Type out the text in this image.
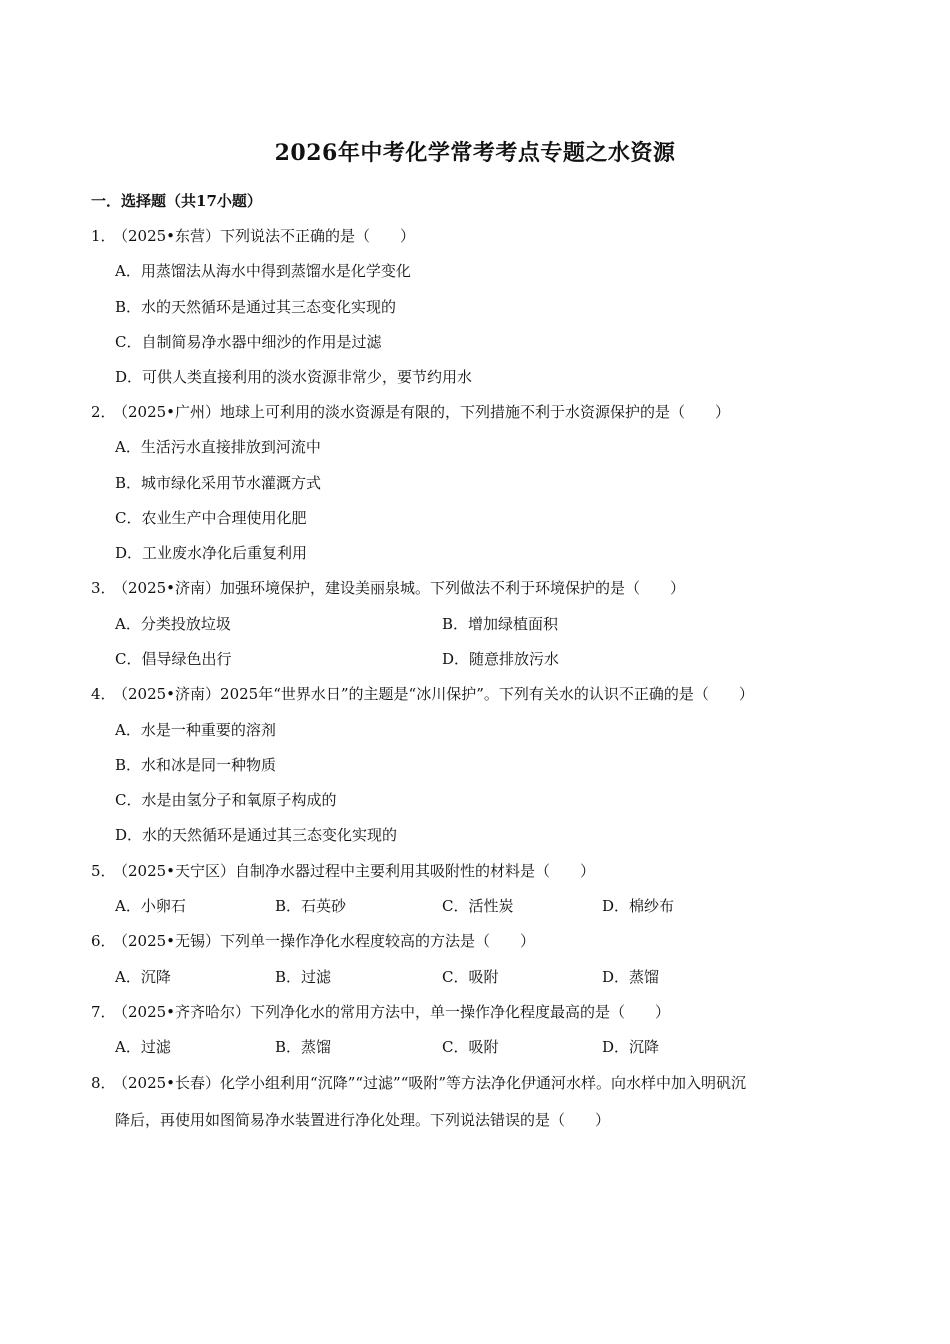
2026年中考化学常考考点专题之水资源
一．选择题（共17小题）
1．（2025•东营）下列说法不正确的是（　　）
A．用蒸馏法从海水中得到蒸馏水是化学变化
B．水的天然循环是通过其三态变化实现的
C．自制简易净水器中细沙的作用是过滤
D．可供人类直接利用的淡水资源非常少，要节约用水
2．（2025•广州）地球上可利用的淡水资源是有限的，下列措施不利于水资源保护的是（　　）
A．生活污水直接排放到河流中
B．城市绿化采用节水灌溉方式
C．农业生产中合理使用化肥
D．工业废水净化后重复利用
3．（2025•济南）加强环境保护，建设美丽泉城。下列做法不利于环境保护的是（　　）
A．分类投放垃圾	B．增加绿植面积
C．倡导绿色出行	D．随意排放污水
4．（2025•济南）2025年“世界水日”的主题是“冰川保护”。下列有关水的认识不正确的是（　　）
A．水是一种重要的溶剂
B．水和冰是同一种物质
C．水是由氢分子和氧原子构成的
D．水的天然循环是通过其三态变化实现的
5．（2025•天宁区）自制净水器过程中主要利用其吸附性的材料是（　　）
A．小卵石	B．石英砂	C．活性炭	D．棉纱布
6．（2025•无锡）下列单一操作净化水程度较高的方法是（　　）
A．沉降	B．过滤	C．吸附	D．蒸馏
7．（2025•齐齐哈尔）下列净化水的常用方法中，单一操作净化程度最高的是（　　）
A．过滤	B．蒸馏	C．吸附	D．沉降
8．（2025•长春）化学小组利用“沉降”“过滤”“吸附”等方法净化伊通河水样。向水样中加入明矾沉
降后，再使用如图简易净水装置进行净化处理。下列说法错误的是（　　）
